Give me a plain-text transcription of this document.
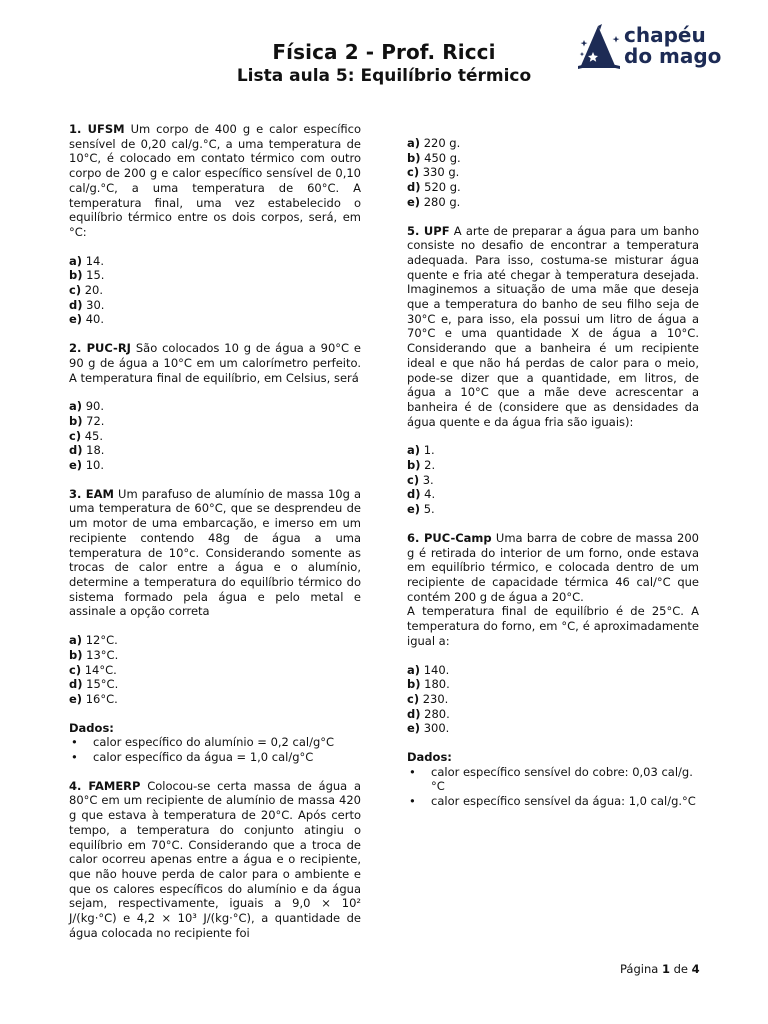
Física 2 - Prof. Ricci
Lista aula 5: Equilíbrio térmico
chapéu
do mago

1. UFSM Um corpo de 400 g e calor específico sensível de 0,20 cal/g.°C, a uma temperatura de 10°C, é colocado em contato térmico com outro corpo de 200 g e calor específico sensível de 0,10 cal/g.°C, a uma temperatura de 60°C. A temperatura final, uma vez estabelecido o equilíbrio térmico entre os dois corpos, será, em °C:

a) 14.
b) 15.
c) 20.
d) 30.
e) 40.

2. PUC-RJ São colocados 10 g de água a 90°C e 90 g de água a 10°C em um calorímetro perfeito. A temperatura final de equilíbrio, em Celsius, será

a) 90.
b) 72.
c) 45.
d) 18.
e) 10.

3. EAM Um parafuso de alumínio de massa 10g a uma temperatura de 60°C, que se desprendeu de um motor de uma embarcação, e imerso em um recipiente contendo 48g de água a uma temperatura de 10°c. Considerando somente as trocas de calor entre a água e o alumínio, determine a temperatura do equilíbrio térmico do sistema formado pela água e pelo metal e assinale a opção correta

a) 12°C.
b) 13°C.
c) 14°C.
d) 15°C.
e) 16°C.
Dados:
• calor específico do alumínio = 0,2 cal/g°C
• calor específico da água = 1,0 cal/g°C

4. FAMERP Colocou-se certa massa de água a 80°C em um recipiente de alumínio de massa 420 g que estava à temperatura de 20°C. Após certo tempo, a temperatura do conjunto atingiu o equilíbrio em 70°C. Considerando que a troca de calor ocorreu apenas entre a água e o recipiente, que não houve perda de calor para o ambiente e que os calores específicos do alumínio e da água sejam, respectivamente, iguais a 9,0 × 10² J/(kg·°C) e 4,2 × 10³ J/(kg·°C), a quantidade de água colocada no recipiente foi

a) 220 g.
b) 450 g.
c) 330 g.
d) 520 g.
e) 280 g.

5. UPF A arte de preparar a água para um banho consiste no desafio de encontrar a temperatura adequada. Para isso, costuma-se misturar água quente e fria até chegar à temperatura desejada. Imaginemos a situação de uma mãe que deseja que a temperatura do banho de seu filho seja de 30°C e, para isso, ela possui um litro de água a 70°C e uma quantidade X de água a 10°C. Considerando que a banheira é um recipiente ideal e que não há perdas de calor para o meio, pode-se dizer que a quantidade, em litros, de água a 10°C que a mãe deve acrescentar a banheira é de (considere que as densidades da água quente e da água fria são iguais):

a) 1.
b) 2.
c) 3.
d) 4.
e) 5.

6. PUC-Camp Uma barra de cobre de massa 200 g é retirada do interior de um forno, onde estava em equilíbrio térmico, e colocada dentro de um recipiente de capacidade térmica 46 cal/°C que contém 200 g de água a 20°C.

A temperatura final de equilíbrio é de 25°C. A temperatura do forno, em °C, é aproximadamente igual a:

a) 140.
b) 180.
c) 230.
d) 280.
e) 300.
Dados:
• calor específico sensível do cobre: 0,03 cal/g.°C
• calor específico sensível da água: 1,0 cal/g.°C
Página 1 de 4
